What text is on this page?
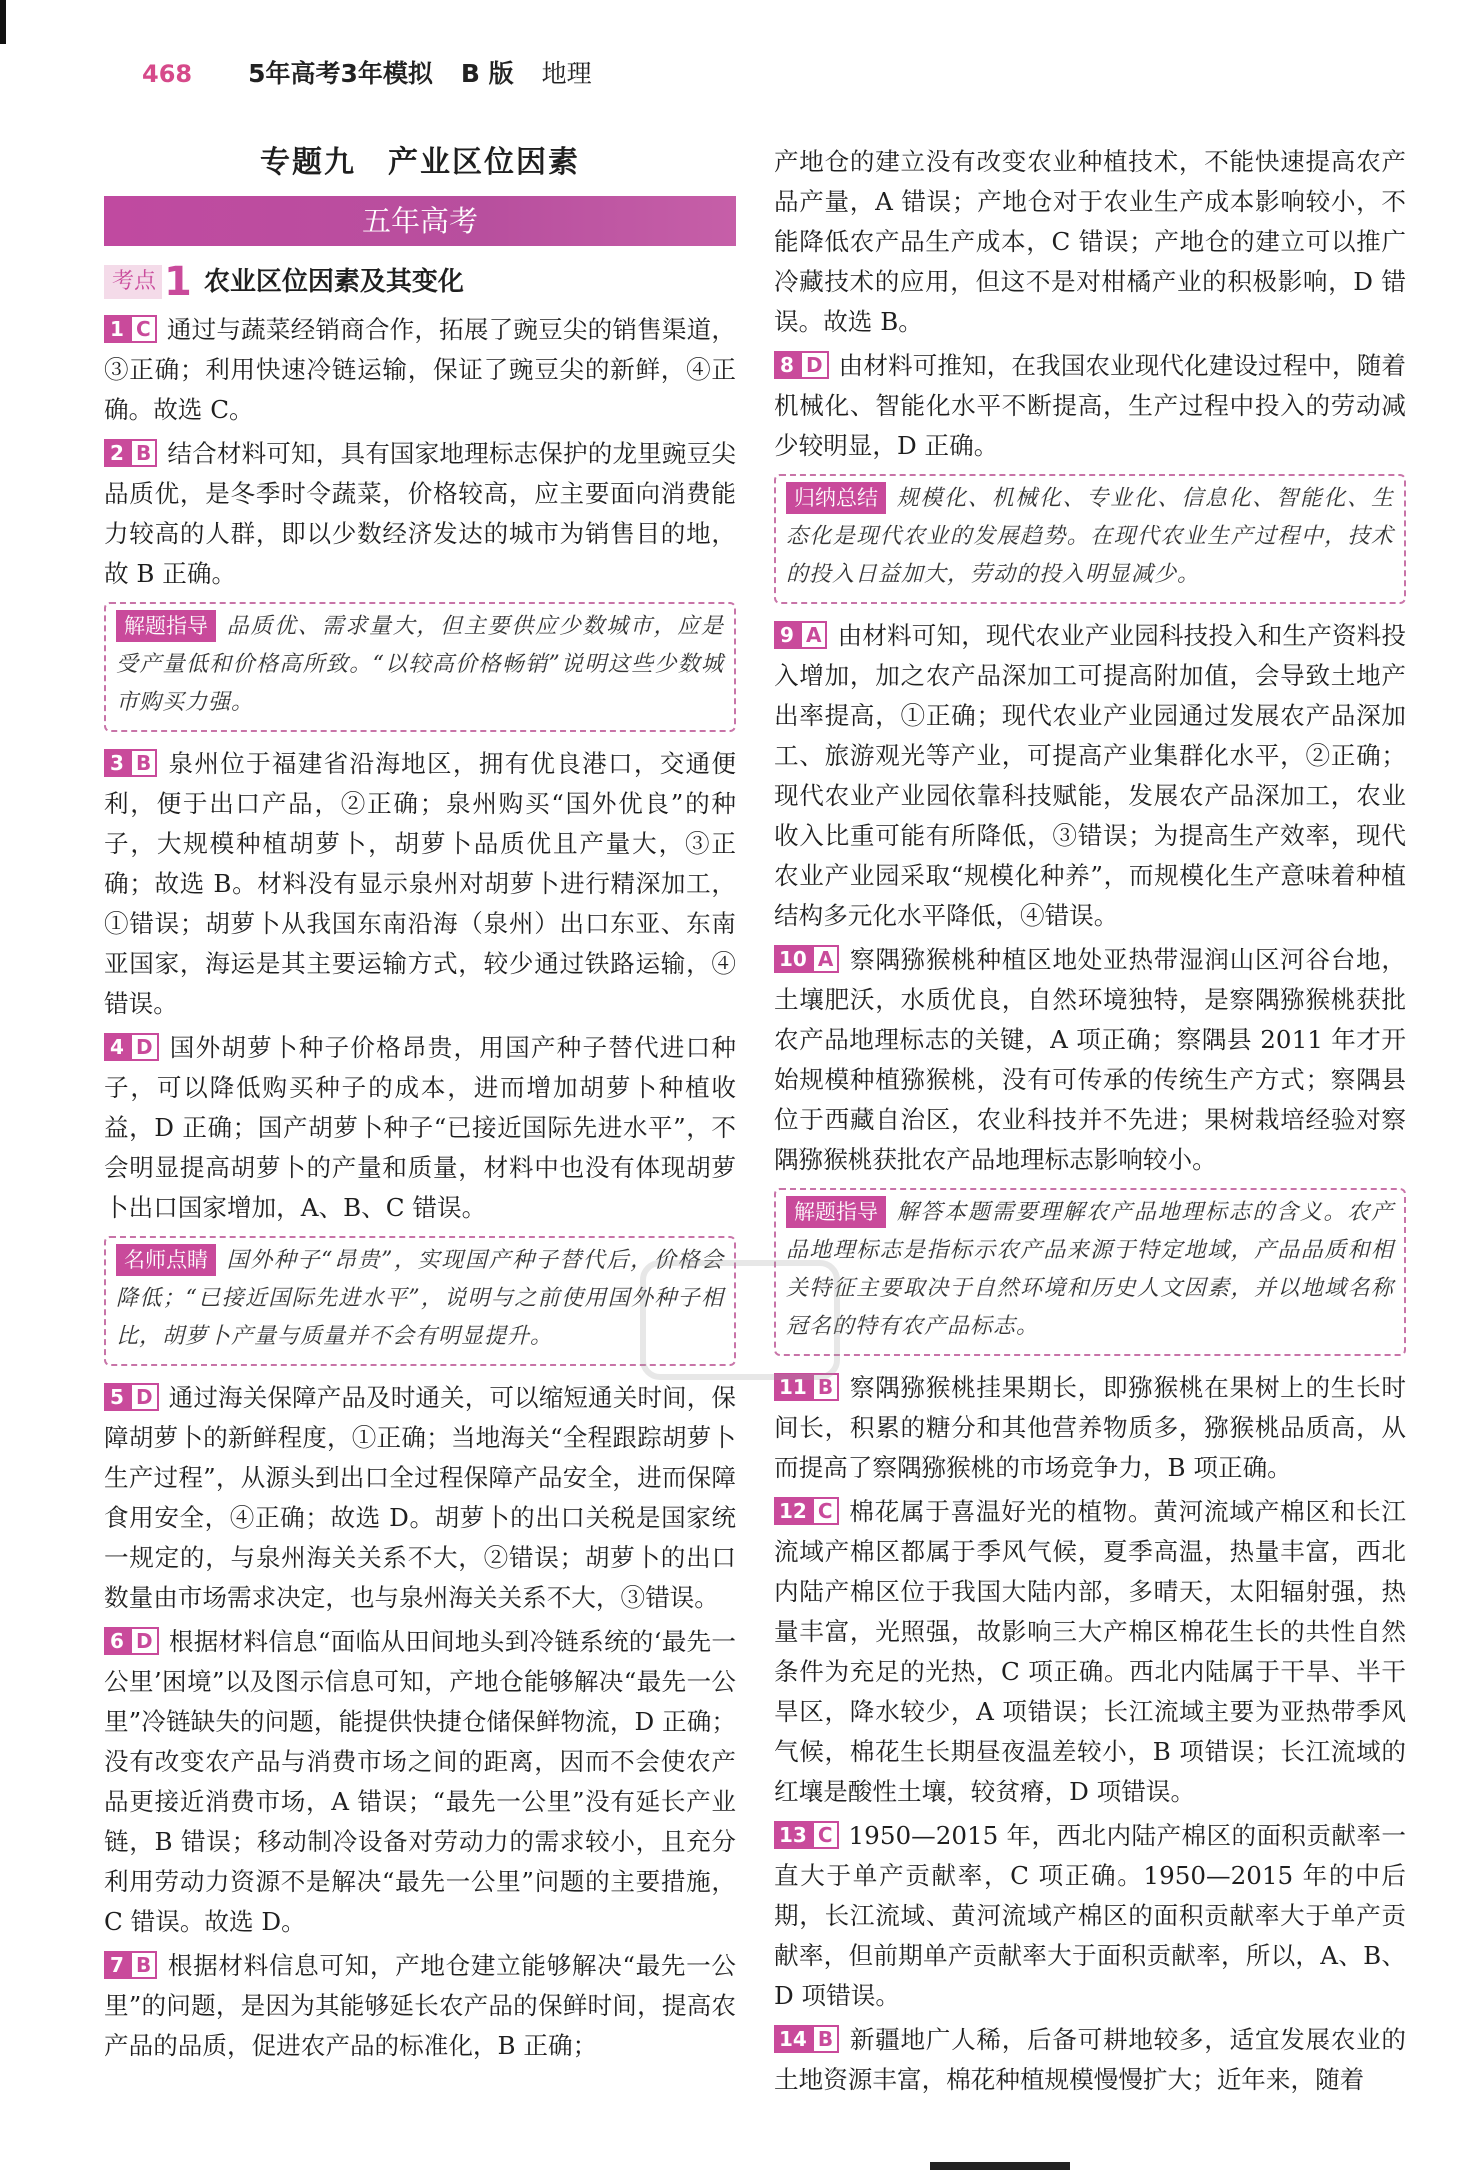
468 5年高考3年模拟 B 版 地理
专题九　产业区位因素
五年高考
考点 1 农业区位因素及其变化
1 C 通过与蔬菜经销商合作，拓展了豌豆尖的销售渠道，③正确；利用快速冷链运输，保证了豌豆尖的新鲜，④正确。故选 C。
2 B 结合材料可知，具有国家地理标志保护的龙里豌豆尖品质优，是冬季时令蔬菜，价格较高，应主要面向消费能力较高的人群，即以少数经济发达的城市为销售目的地，故 B 正确。
解题指导 品质优、需求量大，但主要供应少数城市，应是受产量低和价格高所致。“以较高价格畅销”说明这些少数城市购买力强。
3 B 泉州位于福建省沿海地区，拥有优良港口，交通便利，便于出口产品，②正确；泉州购买“国外优良”的种子，大规模种植胡萝卜，胡萝卜品质优且产量大，③正确；故选 B。材料没有显示泉州对胡萝卜进行精深加工，①错误；胡萝卜从我国东南沿海（泉州）出口东亚、东南亚国家，海运是其主要运输方式，较少通过铁路运输，④错误。
4 D 国外胡萝卜种子价格昂贵，用国产种子替代进口种子，可以降低购买种子的成本，进而增加胡萝卜种植收益，D 正确；国产胡萝卜种子“已接近国际先进水平”，不会明显提高胡萝卜的产量和质量，材料中也没有体现胡萝卜出口国家增加，A、B、C 错误。
名师点睛 国外种子“昂贵”，实现国产种子替代后，价格会降低；“已接近国际先进水平”，说明与之前使用国外种子相比，胡萝卜产量与质量并不会有明显提升。
5 D 通过海关保障产品及时通关，可以缩短通关时间，保障胡萝卜的新鲜程度，①正确；当地海关“全程跟踪胡萝卜生产过程”，从源头到出口全过程保障产品安全，进而保障食用安全，④正确；故选 D。胡萝卜的出口关税是国家统一规定的，与泉州海关关系不大，②错误；胡萝卜的出口数量由市场需求决定，也与泉州海关关系不大，③错误。
6 D 根据材料信息“面临从田间地头到冷链系统的‘最先一公里’困境”以及图示信息可知，产地仓能够解决“最先一公里”冷链缺失的问题，能提供快捷仓储保鲜物流，D 正确；没有改变农产品与消费市场之间的距离，因而不会使农产品更接近消费市场，A 错误；“最先一公里”没有延长产业链，B 错误；移动制冷设备对劳动力的需求较小，且充分利用劳动力资源不是解决“最先一公里”问题的主要措施，C 错误。故选 D。
7 B 根据材料信息可知，产地仓建立能够解决“最先一公里”的问题，是因为其能够延长农产品的保鲜时间，提高农产品的品质，促进农产品的标准化，B 正确；
产地仓的建立没有改变农业种植技术，不能快速提高农产品产量，A 错误；产地仓对于农业生产成本影响较小，不能降低农产品生产成本，C 错误；产地仓的建立可以推广冷藏技术的应用，但这不是对柑橘产业的积极影响，D 错误。故选 B。
8 D 由材料可推知，在我国农业现代化建设过程中，随着机械化、智能化水平不断提高，生产过程中投入的劳动减少较明显，D 正确。
归纳总结 规模化、机械化、专业化、信息化、智能化、生态化是现代农业的发展趋势。在现代农业生产过程中，技术的投入日益加大，劳动的投入明显减少。
9 A 由材料可知，现代农业产业园科技投入和生产资料投入增加，加之农产品深加工可提高附加值，会导致土地产出率提高，①正确；现代农业产业园通过发展农产品深加工、旅游观光等产业，可提高产业集群化水平，②正确；现代农业产业园依靠科技赋能，发展农产品深加工，农业收入比重可能有所降低，③错误；为提高生产效率，现代农业产业园采取“规模化种养”，而规模化生产意味着种植结构多元化水平降低，④错误。
10 A 察隅猕猴桃种植区地处亚热带湿润山区河谷台地，土壤肥沃，水质优良，自然环境独特，是察隅猕猴桃获批农产品地理标志的关键，A 项正确；察隅县 2011 年才开始规模种植猕猴桃，没有可传承的传统生产方式；察隅县位于西藏自治区，农业科技并不先进；果树栽培经验对察隅猕猴桃获批农产品地理标志影响较小。
解题指导 解答本题需要理解农产品地理标志的含义。农产品地理标志是指标示农产品来源于特定地域，产品品质和相关特征主要取决于自然环境和历史人文因素，并以地域名称冠名的特有农产品标志。
11 B 察隅猕猴桃挂果期长，即猕猴桃在果树上的生长时间长，积累的糖分和其他营养物质多，猕猴桃品质高，从而提高了察隅猕猴桃的市场竞争力，B 项正确。
12 C 棉花属于喜温好光的植物。黄河流域产棉区和长江流域产棉区都属于季风气候，夏季高温，热量丰富，西北内陆产棉区位于我国大陆内部，多晴天，太阳辐射强，热量丰富，光照强，故影响三大产棉区棉花生长的共性自然条件为充足的光热，C 项正确。西北内陆属于干旱、半干旱区，降水较少，A 项错误；长江流域主要为亚热带季风气候，棉花生长期昼夜温差较小，B 项错误；长江流域的红壤是酸性土壤，较贫瘠，D 项错误。
13 C 1950—2015 年，西北内陆产棉区的面积贡献率一直大于单产贡献率，C 项正确。1950—2015 年的中后期，长江流域、黄河流域产棉区的面积贡献率大于单产贡献率，但前期单产贡献率大于面积贡献率，所以，A、B、D 项错误。
14 B 新疆地广人稀，后备可耕地较多，适宜发展农业的土地资源丰富，棉花种植规模慢慢扩大；近年来，随着
